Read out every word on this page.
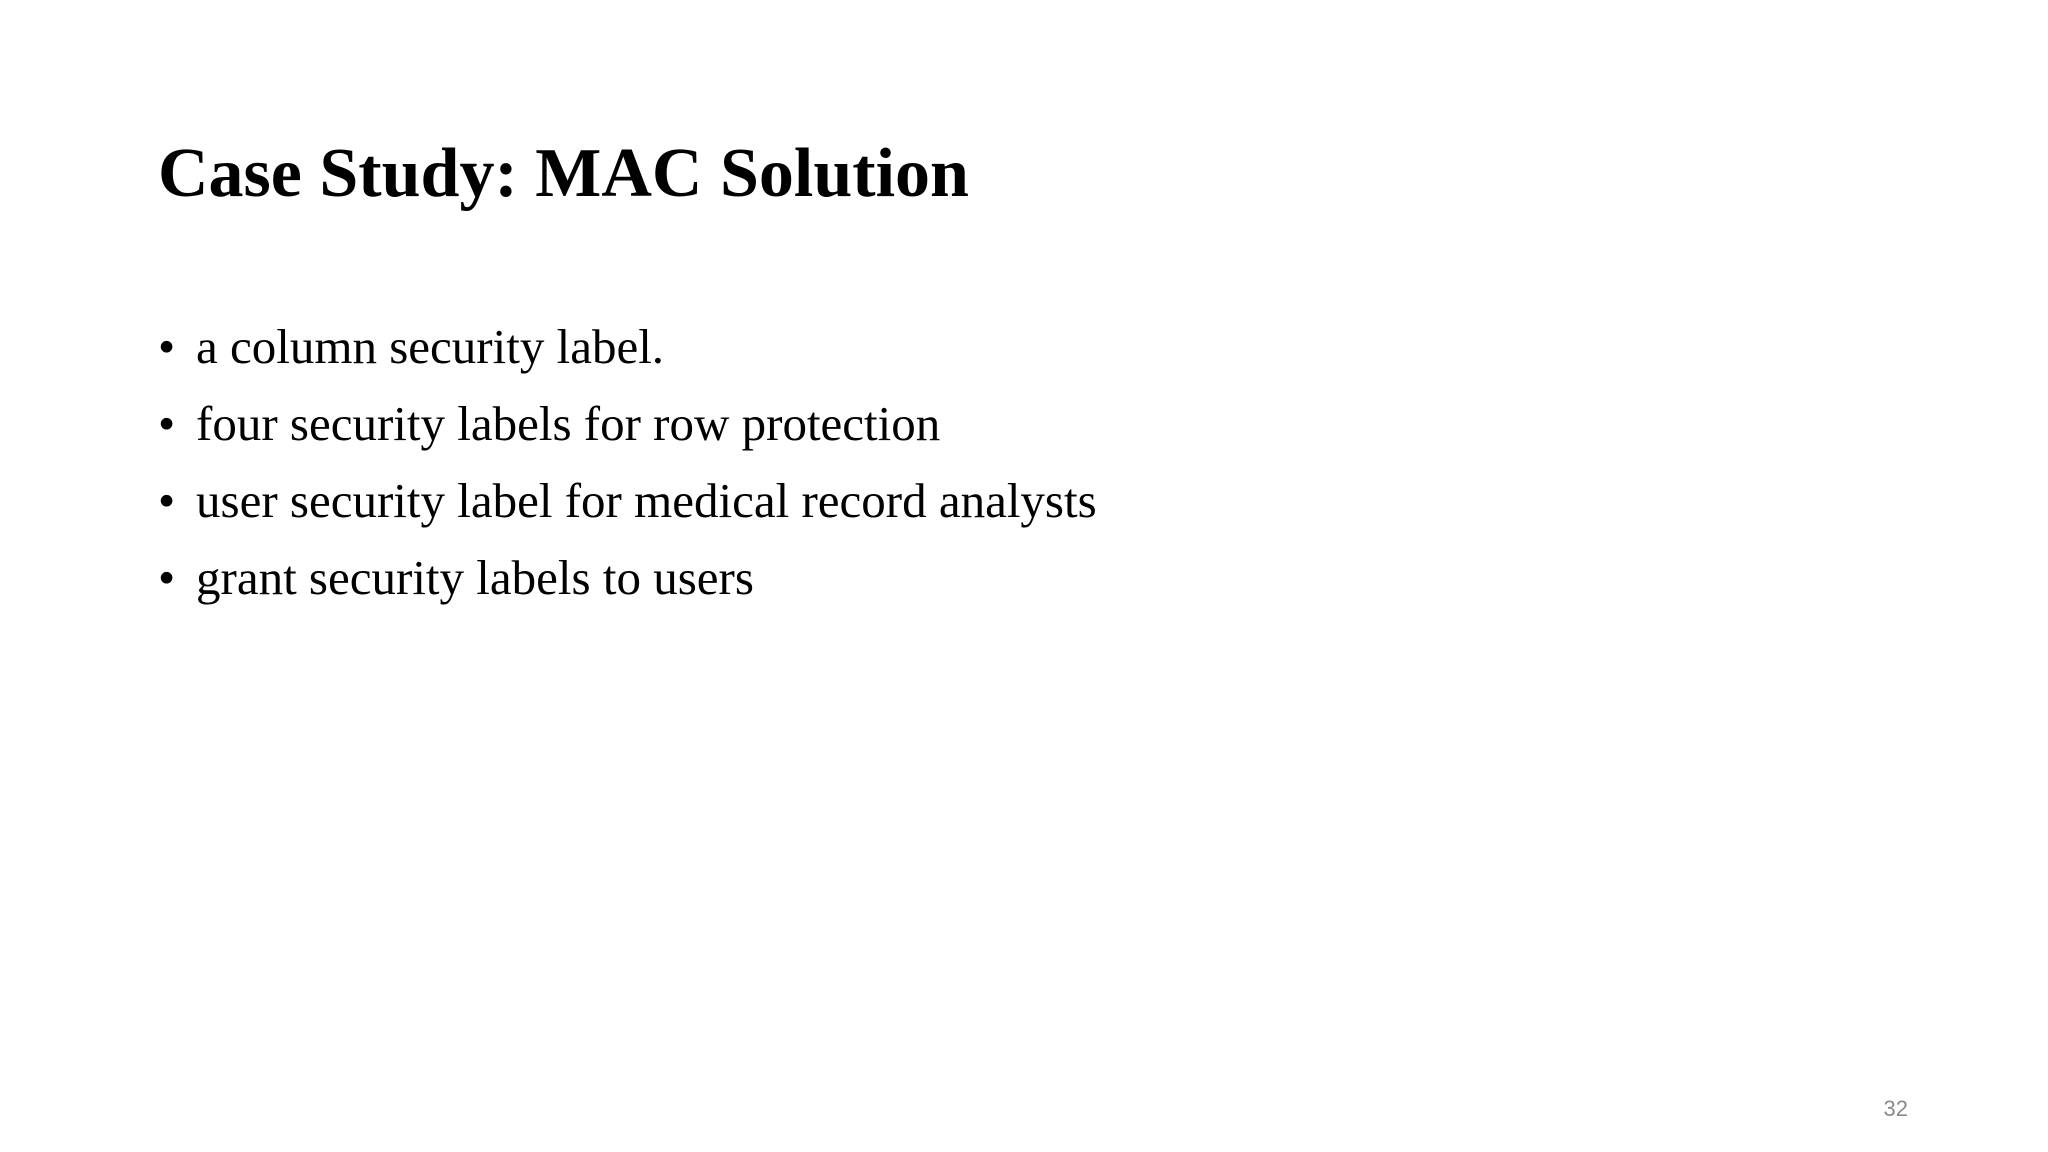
Case Study: MAC Solution
• a column security label.
• four security labels for row protection
• user security label for medical record analysts
• grant security labels to users
32
